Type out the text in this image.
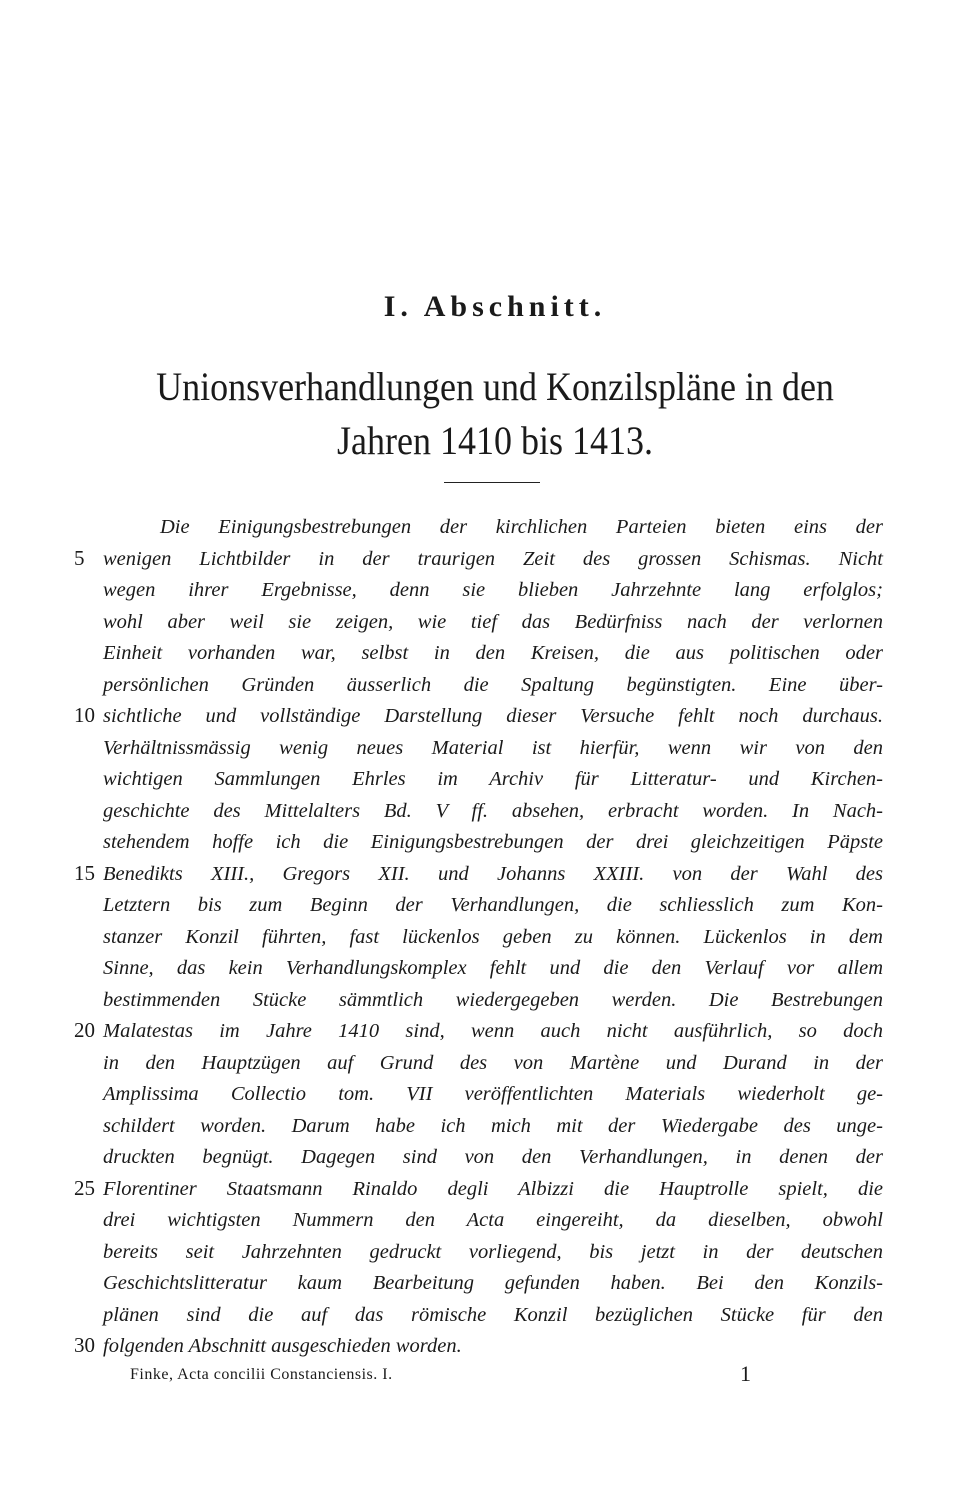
I. Abschnitt.
Unionsverhandlungen und Konzilspläne in den
Jahren 1410 bis 1413.
Die Einigungsbestrebungen der kirchlichen Parteien bieten eins der
5 wenigen Lichtbilder in der traurigen Zeit des grossen Schismas. Nicht
wegen ihrer Ergebnisse, denn sie blieben Jahrzehnte lang erfolglos;
wohl aber weil sie zeigen, wie tief das Bedürfniss nach der verlornen
Einheit vorhanden war, selbst in den Kreisen, die aus politischen oder
persönlichen Gründen äusserlich die Spaltung begünstigten. Eine über-
10 sichtliche und vollständige Darstellung dieser Versuche fehlt noch durchaus.
Verhältnissmässig wenig neues Material ist hierfür, wenn wir von den
wichtigen Sammlungen Ehrles im Archiv für Litteratur- und Kirchen-
geschichte des Mittelalters Bd. V ff. absehen, erbracht worden. In Nach-
stehendem hoffe ich die Einigungsbestrebungen der drei gleichzeitigen Päpste
15 Benedikts XIII., Gregors XII. und Johanns XXIII. von der Wahl des
Letztern bis zum Beginn der Verhandlungen, die schliesslich zum Kon-
stanzer Konzil führten, fast lückenlos geben zu können. Lückenlos in dem
Sinne, das kein Verhandlungskomplex fehlt und die den Verlauf vor allem
bestimmenden Stücke sämmtlich wiedergegeben werden. Die Bestrebungen
20 Malatestas im Jahre 1410 sind, wenn auch nicht ausführlich, so doch
in den Hauptzügen auf Grund des von Martène und Durand in der
Amplissima Collectio tom. VII veröffentlichten Materials wiederholt ge-
schildert worden. Darum habe ich mich mit der Wiedergabe des unge-
druckten begnügt. Dagegen sind von den Verhandlungen, in denen der
25 Florentiner Staatsmann Rinaldo degli Albizzi die Hauptrolle spielt, die
drei wichtigsten Nummern den Acta eingereiht, da dieselben, obwohl
bereits seit Jahrzehnten gedruckt vorliegend, bis jetzt in der deutschen
Geschichtslitteratur kaum Bearbeitung gefunden haben. Bei den Konzils-
plänen sind die auf das römische Konzil bezüglichen Stücke für den
30 folgenden Abschnitt ausgeschieden worden.
Finke, Acta concilii Constanciensis. I.	1
